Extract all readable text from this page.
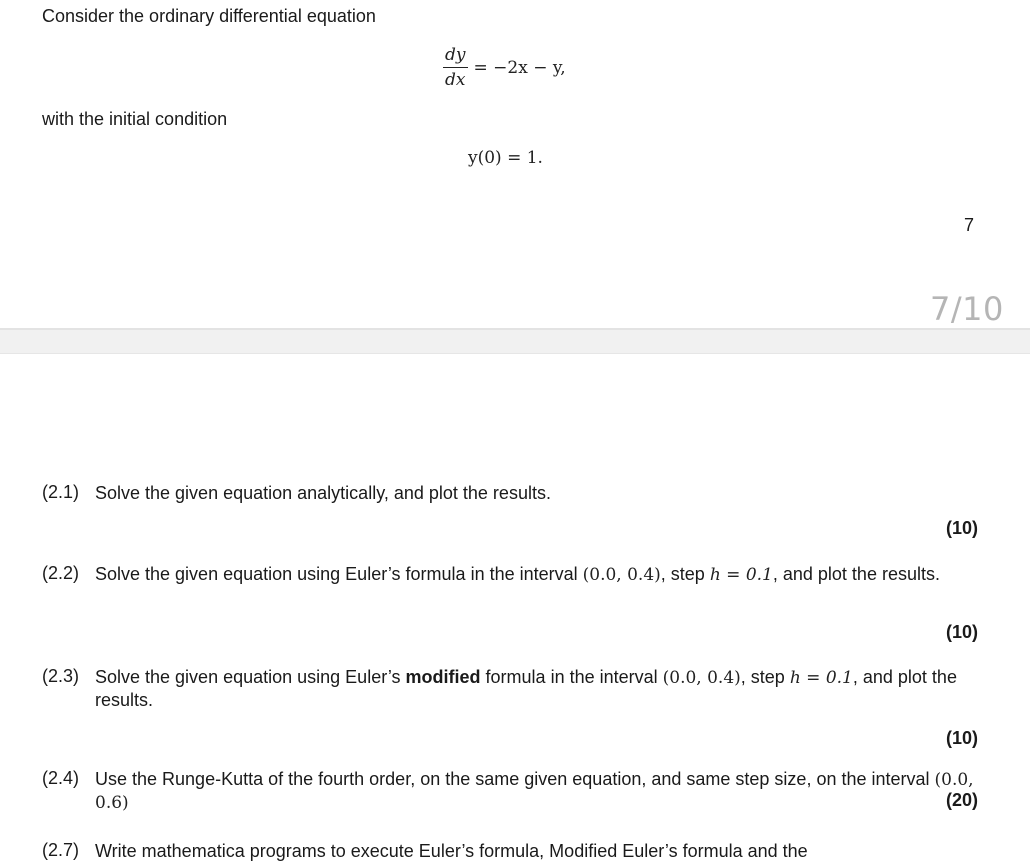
Consider the ordinary differential equation
$\frac{dy}{dx} = -2x - y$,
with the initial condition
y(0) = 1.
7
7/10
(2.1) Solve the given equation analytically, and plot the results.
(10)
(2.2) Solve the given equation using Euler’s formula in the interval (0.0, 0.4), step h = 0.1, and plot the results.
(10)
(2.3) Solve the given equation using Euler’s modified formula in the interval (0.0, 0.4), step h = 0.1, and plot the results.
(10)
(2.4) Use the Runge-Kutta of the fourth order, on the same given equation, and same step size, on the interval (0.0, 0.6)	(20)
(2.7) Write mathematica programs to execute Euler’s formula, Modified Euler’s formula and the
